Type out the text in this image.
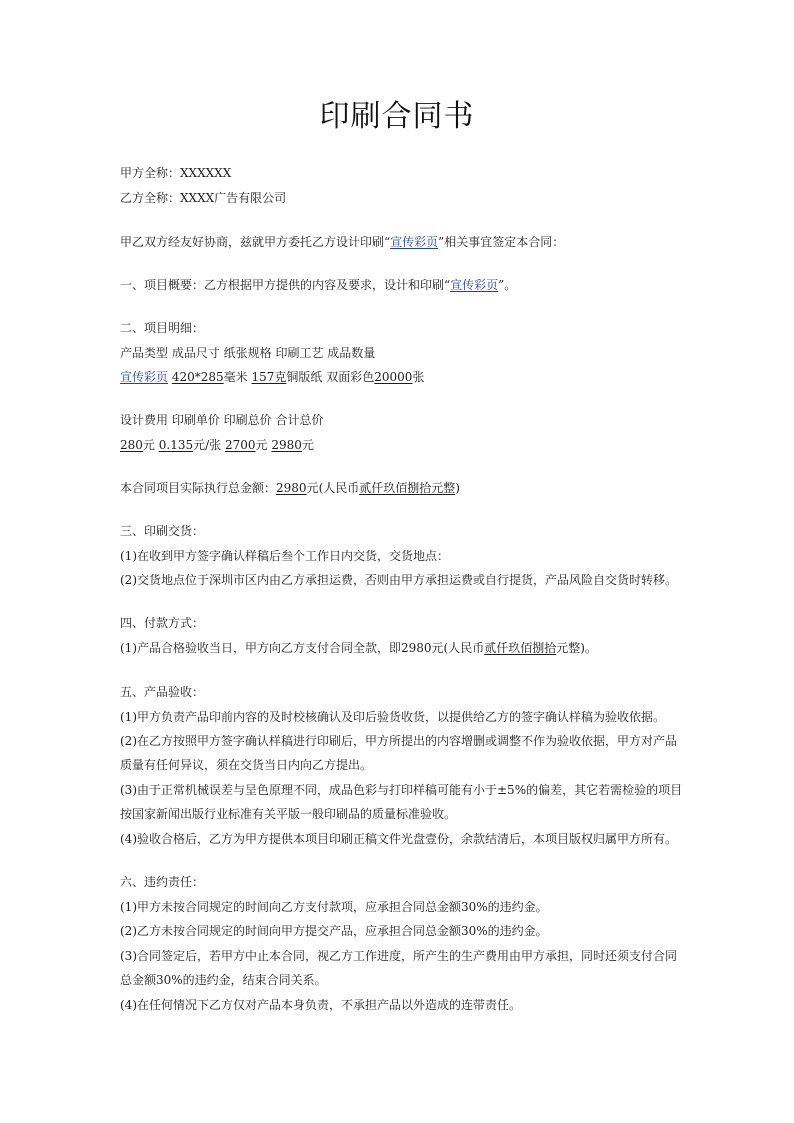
印刷合同书
甲方全称：XXXXXX
乙方全称：XXXX广告有限公司
甲乙双方经友好协商，兹就甲方委托乙方设计印刷“宣传彩页”相关事宜签定本合同：
一、项目概要：乙方根据甲方提供的内容及要求，设计和印刷“宣传彩页”。
二、项目明细：
产品类型 成品尺寸 纸张规格 印刷工艺 成品数量
宣传彩页 420*285毫米 157克铜版纸 双面彩色20000张
设计费用 印刷单价 印刷总价 合计总价
280元 0.135元/张 2700元 2980元
本合同项目实际执行总金额：2980元(人民币贰仟玖佰捌拾元整)
三、印刷交货：
(1)在收到甲方签字确认样稿后叁个工作日内交货，交货地点：
(2)交货地点位于深圳市区内由乙方承担运费，否则由甲方承担运费或自行提货，产品风险自交货时转移。
四、付款方式：
(1)产品合格验收当日，甲方向乙方支付合同全款，即2980元(人民币贰仟玖佰捌拾元整)。
五、产品验收：
(1)甲方负责产品印前内容的及时校核确认及印后验货收货，以提供给乙方的签字确认样稿为验收依据。
(2)在乙方按照甲方签字确认样稿进行印刷后，甲方所提出的内容增删或调整不作为验收依据，甲方对产品
质量有任何异议，须在交货当日内向乙方提出。
(3)由于正常机械误差与呈色原理不同，成品色彩与打印样稿可能有小于±5%的偏差，其它若需检验的项目
按国家新闻出版行业标准有关平版一般印刷品的质量标准验收。
(4)验收合格后，乙方为甲方提供本项目印刷正稿文件光盘壹份，余款结清后，本项目版权归属甲方所有。
六、违约责任：
(1)甲方未按合同规定的时间向乙方支付款项，应承担合同总金额30%的违约金。
(2)乙方未按合同规定的时间向甲方提交产品，应承担合同总金额30%的违约金。
(3)合同签定后，若甲方中止本合同，视乙方工作进度，所产生的生产费用由甲方承担，同时还须支付合同
总金额30%的违约金，结束合同关系。
(4)在任何情况下乙方仅对产品本身负责，不承担产品以外造成的连带责任。
